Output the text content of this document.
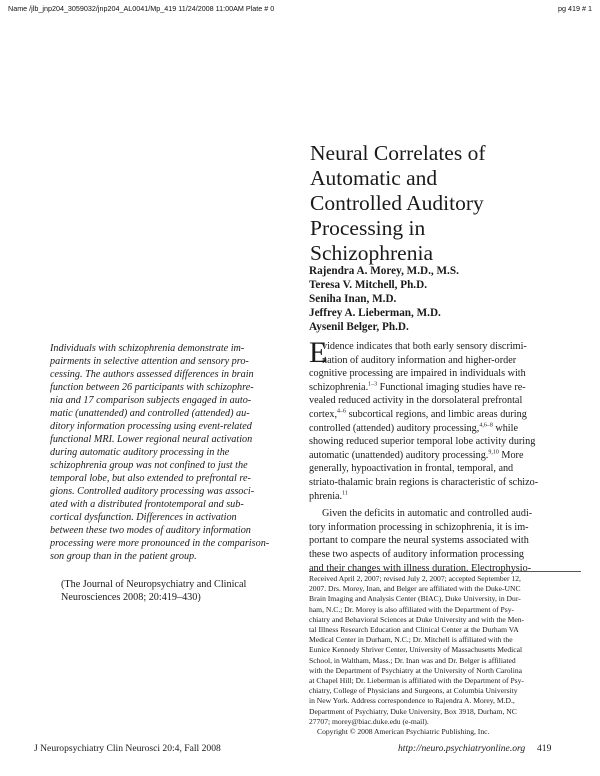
Name /jlb_jnp204_3059032/jnp204_AL0041/Mp_419 11/24/2008 11:00AM Plate # 0	pg 419 # 1
Neural Correlates of
Automatic and
Controlled Auditory
Processing in
Schizophrenia
Rajendra A. Morey, M.D., M.S.
Teresa V. Mitchell, Ph.D.
Seniha Inan, M.D.
Jeffrey A. Lieberman, M.D.
Aysenil Belger, Ph.D.
Individuals with schizophrenia demonstrate im-
pairments in selective attention and sensory pro-
cessing. The authors assessed differences in brain
function between 26 participants with schizophre-
nia and 17 comparison subjects engaged in auto-
matic (unattended) and controlled (attended) au-
ditory information processing using event-related
functional MRI. Lower regional neural activation
during automatic auditory processing in the
schizophrenia group was not confined to just the
temporal lobe, but also extended to prefrontal re-
gions. Controlled auditory processing was associ-
ated with a distributed frontotemporal and sub-
cortical dysfunction. Differences in activation
between these two modes of auditory information
processing were more pronounced in the comparison-
son group than in the patient group.
(The Journal of Neuropsychiatry and Clinical
Neurosciences 2008; 20:419–430)
E
vidence indicates that both early sensory discrimi-
nation of auditory information and higher-order
cognitive processing are impaired in individuals with
schizophrenia.$^{1-3}$ Functional imaging studies have re-
vealed reduced activity in the dorsolateral prefrontal
cortex,$^{4-6}$ subcortical regions, and limbic areas during
controlled (attended) auditory processing,$^{4,6-8}$ while
showing reduced superior temporal lobe activity during
automatic (unattended) auditory processing.$^{9,10}$ More
generally, hypoactivation in frontal, temporal, and
striato-thalamic brain regions is characteristic of schizo-
phrenia.$^{11}$
Given the deficits in automatic and controlled audi-
tory information processing in schizophrenia, it is im-
portant to compare the neural systems associated with
these two aspects of auditory information processing
and their changes with illness duration. Electrophysio-
Received April 2, 2007; revised July 2, 2007; accepted September 12,
2007. Drs. Morey, Inan, and Belger are affiliated with the Duke-UNC
Brain Imaging and Analysis Center (BIAC), Duke University, in Dur-
ham, N.C.; Dr. Morey is also affiliated with the Department of Psy-
chiatry and Behavioral Sciences at Duke University and with the Men-
tal Illness Research Education and Clinical Center at the Durham VA
Medical Center in Durham, N.C.; Dr. Mitchell is affiliated with the
Eunice Kennedy Shriver Center, University of Massachusetts Medical
School, in Waltham, Mass.; Dr. Inan was and Dr. Belger is affiliated
with the Department of Psychiatry at the University of North Carolina
at Chapel Hill; Dr. Lieberman is affiliated with the Department of Psy-
chiatry, College of Physicians and Surgeons, at Columbia University
in New York. Address correspondence to Rajendra A. Morey, M.D.,
Department of Psychiatry, Duke University, Box 3918, Durham, NC
27707; morey@biac.duke.edu (e-mail).
Copyright © 2008 American Psychiatric Publishing, Inc.
J Neuropsychiatry Clin Neurosci 20:4, Fall 2008	http://neuro.psychiatryonline.org 419
